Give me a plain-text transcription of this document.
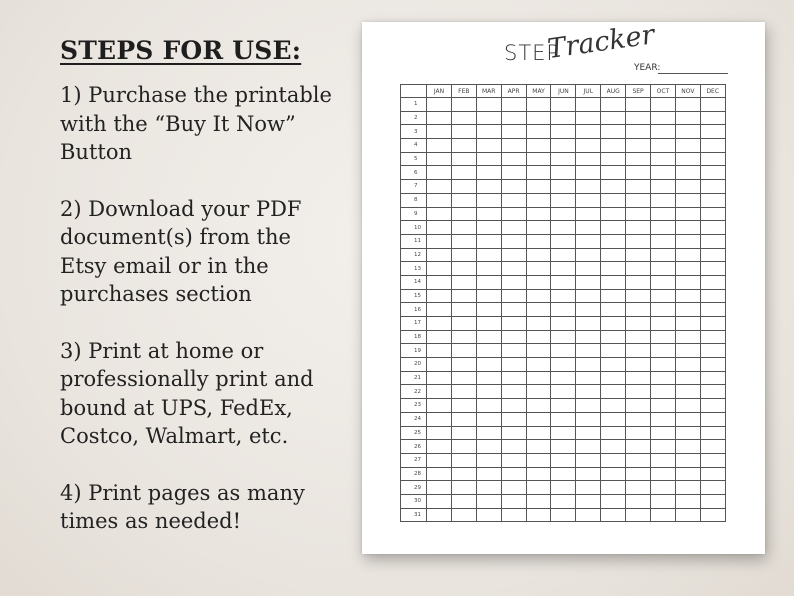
STEPS FOR USE:

1) Purchase the printable with the “Buy It Now” Button

2) Download your PDF document(s) from the Etsy email or in the purchases section

3) Print at home or professionally print and bound at UPS, FedEx, Costco, Walmart, etc.

4) Print pages as many times as needed!

STEP
Tracker
YEAR:
	JAN	FEB	MAR	APR	MAY	JUN	JUL	AUG	SEP	OCT	NOV	DEC
1												
2												
3												
4												
5												
6												
7												
8												
9												
10												
11												
12												
13												
14												
15												
16												
17												
18												
19												
20												
21												
22												
23												
24												
25												
26												
27												
28												
29												
30												
31												
